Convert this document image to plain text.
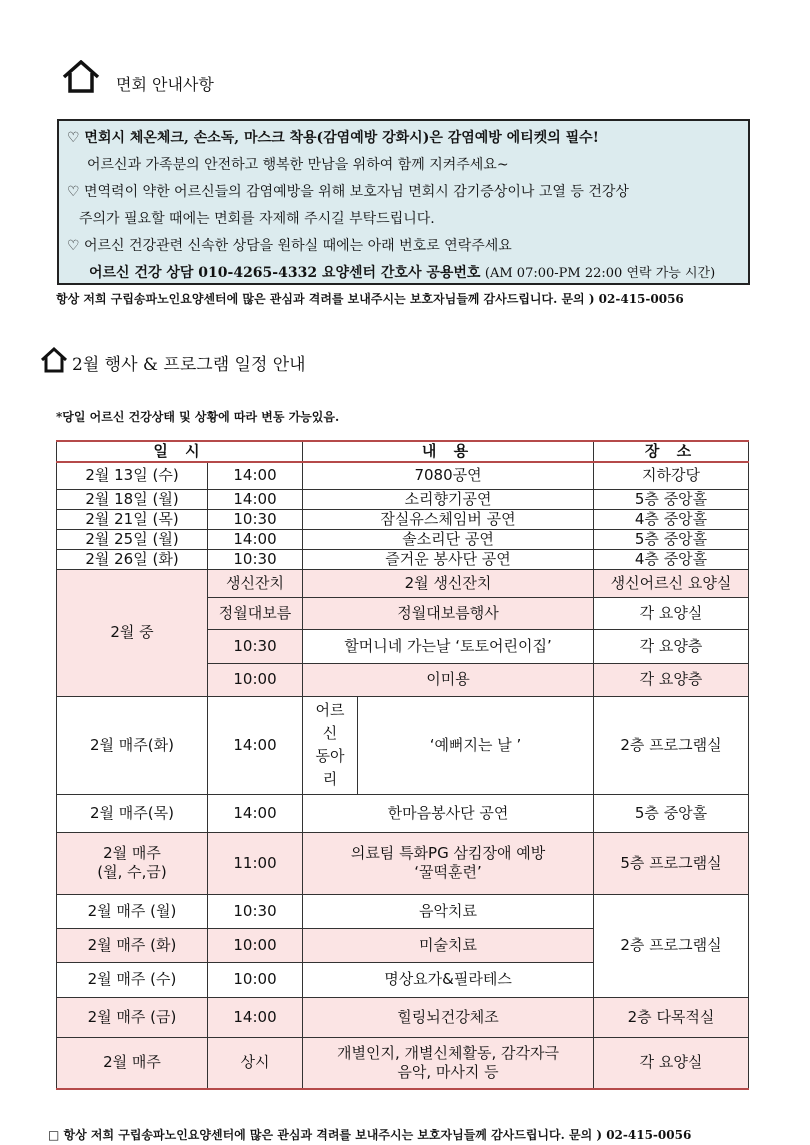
면회 안내사항
♡ 면회시 체온체크, 손소독, 마스크 착용(감염예방 강화시)은 감염예방 에티켓의 필수!
어르신과 가족분의 안전하고 행복한 만남을 위하여 함께 지켜주세요~
♡ 면역력이 약한 어르신들의 감염예방을 위해 보호자님 면회시 감기증상이나 고열 등 건강상
주의가 필요할 때에는 면회를 자제해 주시길 부탁드립니다.
♡ 어르신 건강관련 신속한 상담을 원하실 때에는 아래 번호로 연락주세요
어르신 건강 상담 010-4265-4332 요양센터 간호사 공용번호 (AM 07:00-PM 22:00 연락 가능 시간)
항상 저희 구립송파노인요양센터에 많은 관심과 격려를 보내주시는 보호자님들께 감사드립니다. 문의 ) 02-415-0056
2월 행사 & 프로그램 일정 안내
*당일 어르신 건강상태 및 상황에 따라 변동 가능있음.
일 시		내 용		장 소
2월 13일 (수)	14:00	7080공연		지하강당
2월 18일 (월)	14:00	소리향기공연		5층 중앙홀
2월 21일 (목)	10:30	잠실유스체임버 공연		4층 중앙홀
2월 25일 (월)	14:00	솔소리단 공연		5층 중앙홀
2월 26일 (화)	10:30	즐거운 봉사단 공연		4층 중앙홀
2월 중	생신잔치	2월 생신잔치		생신어르신 요양실
	정월대보름	정월대보름행사		각 요양실
	10:30	할머니네 가는날 ‘토토어린이집’		각 요양층
	10:00	이미용		각 요양층
2월 매주(화)	14:00	어르
신
동아
리	‘예뻐지는 날 ’	2층 프로그램실
2월 매주(목)	14:00	한마음봉사단 공연		5층 중앙홀
2월 매주
(월, 수,금)	11:00	의료팀 특화PG 삼킴장애 예방
‘꿀떡훈련’		5층 프로그램실
2월 매주 (월)	10:30	음악치료		2층 프로그램실
2월 매주 (화)	10:00	미술치료		
2월 매주 (수)	10:00	명상요가&필라테스		
2월 매주 (금)	14:00	힐링뇌건강체조		2층 다목적실
2월 매주	상시	개별인지, 개별신체활동, 감각자극
음악, 마사지 등		각 요양실
□ 항상 저희 구립송파노인요양센터에 많은 관심과 격려를 보내주시는 보호자님들께 감사드립니다. 문의 ) 02-415-0056
